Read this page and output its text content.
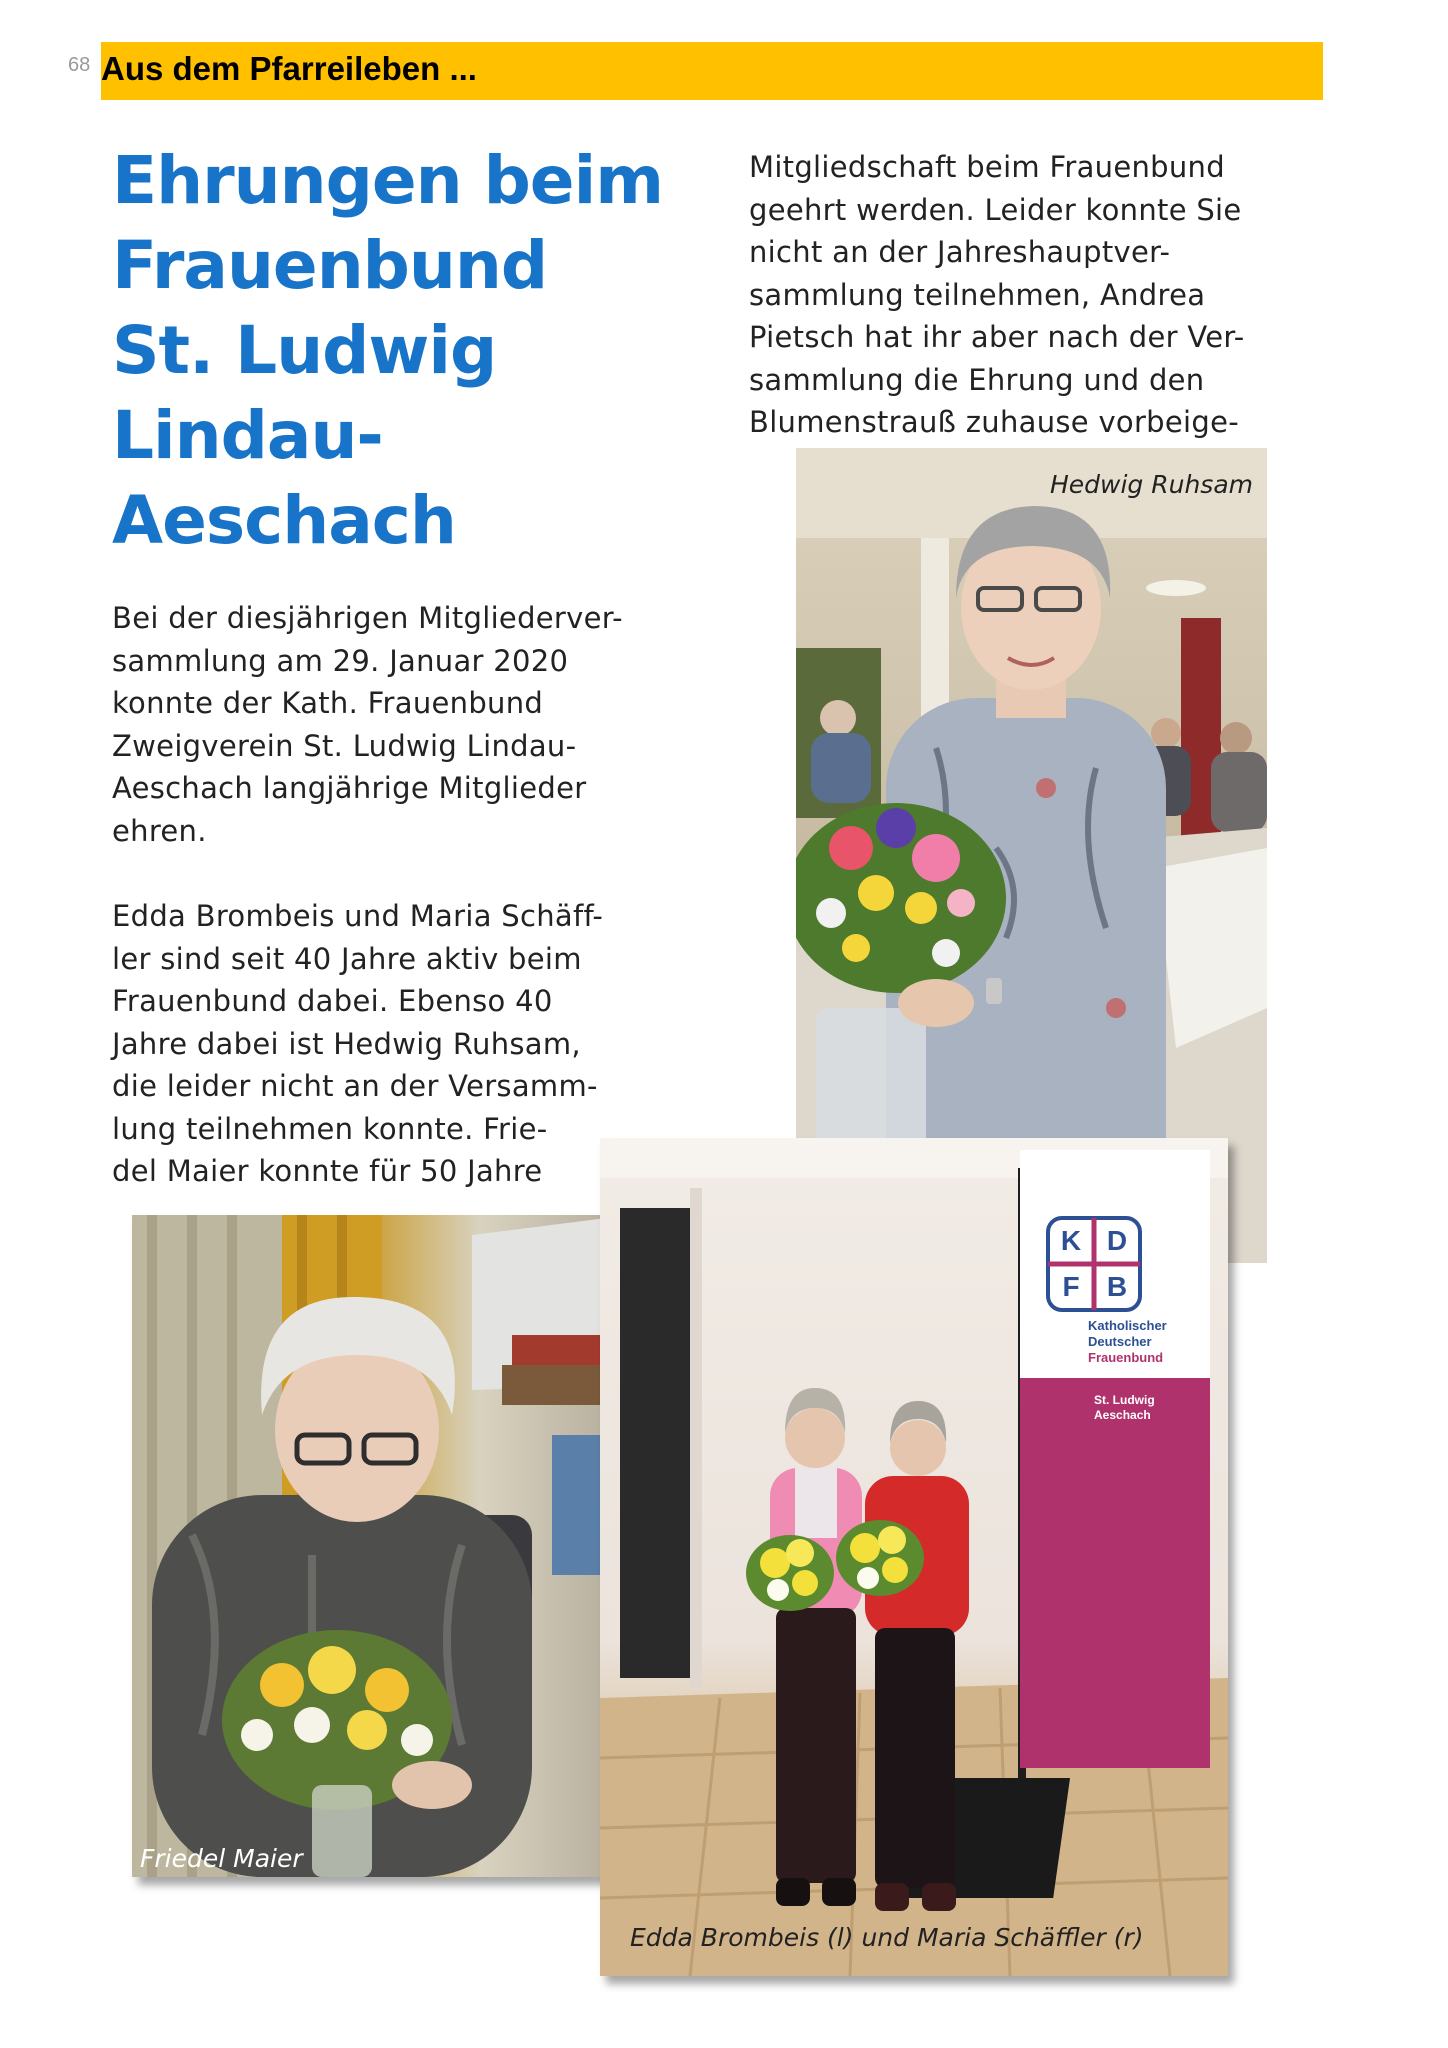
68 Aus dem Pfarreileben ...
Ehrungen beim
Frauenbund
St. Ludwig
Lindau-
Aeschach
Bei der diesjährigen Mitgliederver-
sammlung am 29. Januar 2020
konnte der Kath. Frauenbund
Zweigverein St. Ludwig Lindau-
Aeschach langjährige Mitglieder
ehren.
Edda Brombeis und Maria Schäff-
ler sind seit 40 Jahre aktiv beim
Frauenbund dabei. Ebenso 40
Jahre dabei ist Hedwig Ruhsam,
die leider nicht an der Versamm-
lung teilnehmen konnte. Frie-
del Maier konnte für 50 Jahre
Mitgliedschaft beim Frauenbund
geehrt werden. Leider konnte Sie
nicht an der Jahreshauptver-
sammlung teilnehmen, Andrea
Pietsch hat ihr aber nach der Ver-
sammlung die Ehrung und den
Blumenstrauß zuhause vorbeige-
Hedwig Ruhsam
Friedel Maier
K D
F B
Katholischer
Deutscher
Frauenbund
St. Ludwig
Aeschach
Edda Brombeis (l) und Maria Schäffler (r)
